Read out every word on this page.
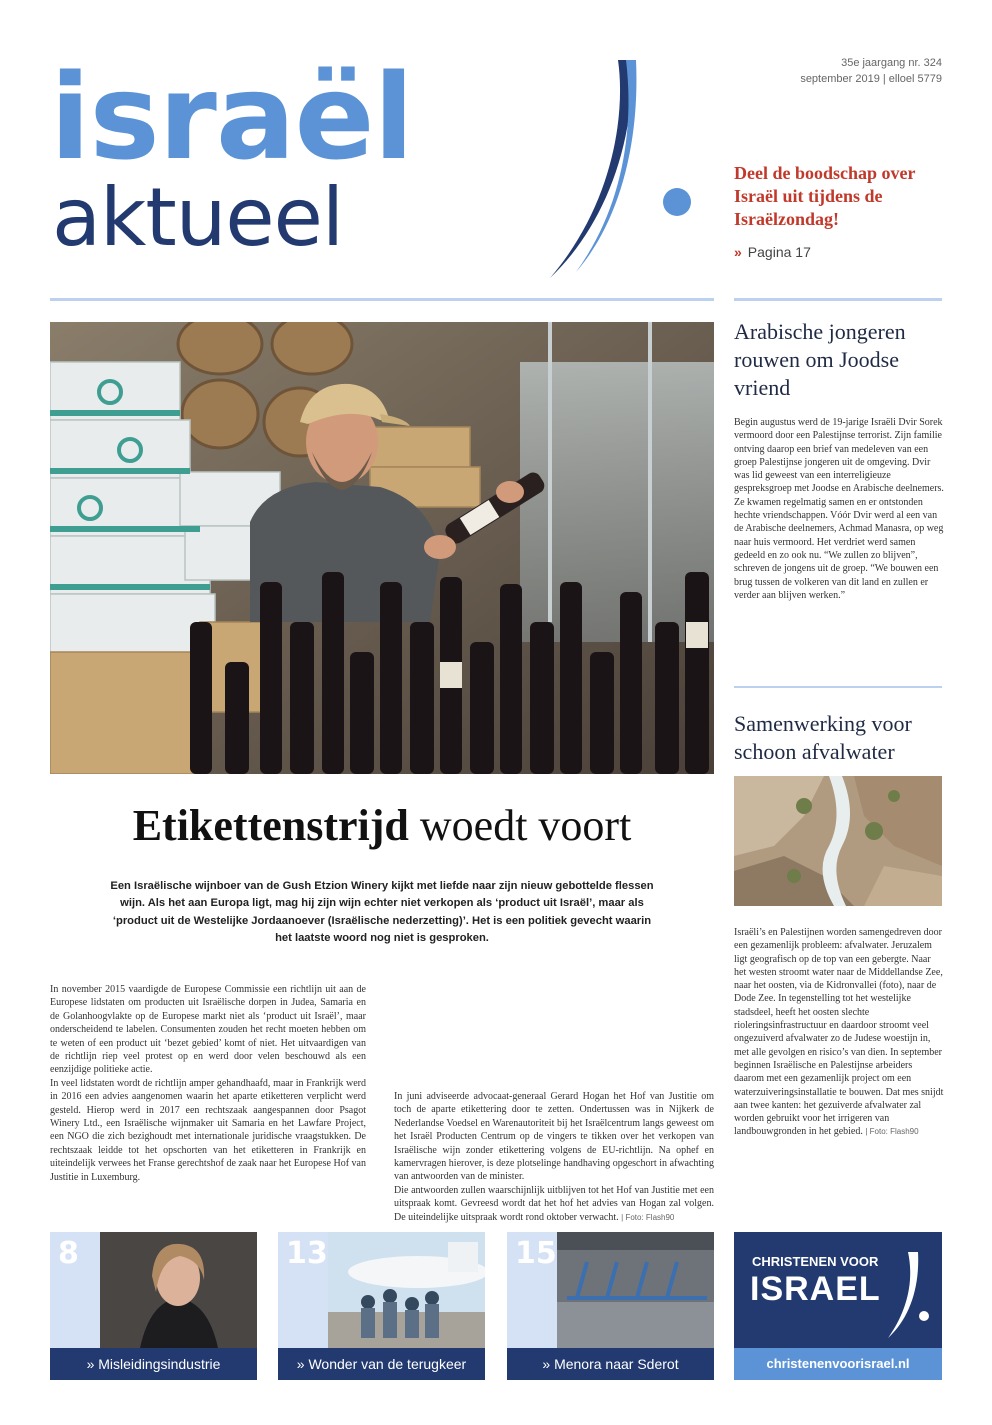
israël
aktueel
35e jaargang nr. 324
september 2019 | elloel 5779
Deel de boodschap over Israël uit tijdens de Israëlzondag!
» Pagina 17
Etikettenstrijd woedt voort
Een Israëlische wijnboer van de Gush Etzion Winery kijkt met liefde naar zijn nieuw gebottelde flessen wijn. Als het aan Europa ligt, mag hij zijn wijn echter niet verkopen als ‘product uit Israël’, maar als ‘product uit de Westelijke Jordaanoever (Israëlische nederzetting)’. Het is een politiek gevecht waarin het laatste woord nog niet is gesproken.

In november 2015 vaardigde de Europese Commissie een richtlijn uit aan de Europese lidstaten om producten uit Israëlische dorpen in Judea, Samaria en de Golanhoogvlakte op de Europese markt niet als ‘product uit Israël’, maar onderscheidend te labelen. Consumenten zouden het recht moeten hebben om te weten of een product uit ‘bezet gebied’ komt of niet. Het uitvaardigen van de richtlijn riep veel protest op en werd door velen beschouwd als een eenzijdige politieke actie.

In veel lidstaten wordt de richtlijn amper gehandhaafd, maar in Frankrijk werd in 2016 een advies aangenomen waarin het aparte etiketteren verplicht werd gesteld. Hierop werd in 2017 een rechtszaak aangespannen door Psagot Winery Ltd., een Israëlische wijnmaker uit Samaria en het Lawfare Project, een NGO die zich bezighoudt met internationale juridische vraagstukken. De rechtszaak leidde tot het opschorten van het etiketteren in Frankrijk en uiteindelijk verwees het Franse gerechtshof de zaak naar het Europese Hof van Justitie in Luxemburg.

In juni adviseerde advocaat-generaal Gerard Hogan het Hof van Justitie om toch de aparte etikettering door te zetten. Ondertussen was in Nijkerk de Nederlandse Voedsel en Warenautoriteit bij het Israëlcentrum langs geweest om het Israël Producten Centrum op de vingers te tikken over het verkopen van Israëlische wijn zonder etikettering volgens de EU-richtlijn. Na ophef en kamervragen hierover, is deze plotselinge handhaving opgeschort in afwachting van antwoorden van de minister.

Die antwoorden zullen waarschijnlijk uitblijven tot het Hof van Justitie met een uitspraak komt. Gevreesd wordt dat het hof het advies van Hogan zal volgen. De uiteindelijke uitspraak wordt rond oktober verwacht. | Foto: Flash90

Arabische jongeren rouwen om Joodse vriend
Begin augustus werd de 19-jarige Israëli Dvir Sorek vermoord door een Palestijnse terrorist. Zijn familie ontving daarop een brief van medeleven van een groep Palestijnse jongeren uit de omgeving. Dvir was lid geweest van een interreligieuze gespreksgroep met Joodse en Arabische deelnemers. Ze kwamen regelmatig samen en er ontstonden hechte vriendschappen. Vóór Dvir werd al een van de Arabische deelnemers, Achmad Manasra, op weg naar huis vermoord. Het verdriet werd samen gedeeld en zo ook nu. “We zullen zo blijven”, schreven de jongens uit de groep. “We bouwen een brug tussen de volkeren van dit land en zullen er verder aan blijven werken.”
Samenwerking voor schoon afvalwater
Israëli’s en Palestijnen worden samengedreven door een gezamenlijk probleem: afvalwater. Jeruzalem ligt geografisch op de top van een gebergte. Naar het westen stroomt water naar de Middellandse Zee, naar het oosten, via de Kidronvallei (foto), naar de Dode Zee. In tegenstelling tot het westelijke stadsdeel, heeft het oosten slechte rioleringsinfrastructuur en daardoor stroomt veel ongezuiverd afvalwater zo de Judese woestijn in, met alle gevolgen en risico’s van dien. In september beginnen Israëlische en Palestijnse arbeiders daarom met een gezamenlijk project om een waterzuiveringsinstallatie te bouwen. Dat mes snijdt aan twee kanten: het gezuiverde afvalwater zal worden gebruikt voor het irrigeren van landbouwgronden in het gebied. | Foto: Flash90
8
» Misleidingsindustrie
13
» Wonder van de terugkeer
15
» Menora naar Sderot
CHRISTENEN VOOR
ISRAEL
christenenvoorisrael.nl
